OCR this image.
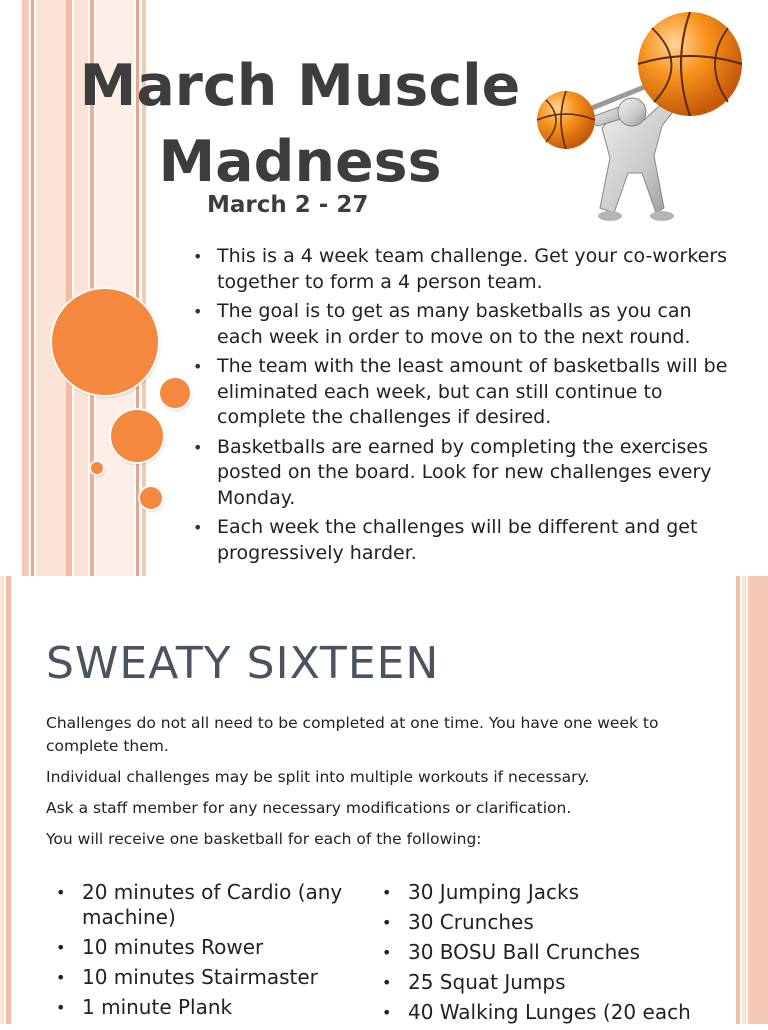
March Muscle Madness

March 2 - 27

• This is a 4 week team challenge. Get your co-workers together to form a 4 person team.
• The goal is to get as many basketballs as you can each week in order to move on to the next round.
• The team with the least amount of basketballs will be eliminated each week, but can still continue to complete the challenges if desired.
• Basketballs are earned by completing the exercises posted on the board. Look for new challenges every Monday.
• Each week the challenges will be different and get progressively harder.
SWEATY SIXTEEN

Challenges do not all need to be completed at one time. You have one week to complete them.

Individual challenges may be split into multiple workouts if necessary.

Ask a staff member for any necessary modifications or clarification.

You will receive one basketball for each of the following:

• 20 minutes of Cardio (any machine)
• 10 minutes Rower
• 10 minutes Stairmaster
• 1 minute Plank
• 30 Jumping Jacks
• 30 Crunches
• 30 BOSU Ball Crunches
• 25 Squat Jumps
• 40 Walking Lunges (20 each
